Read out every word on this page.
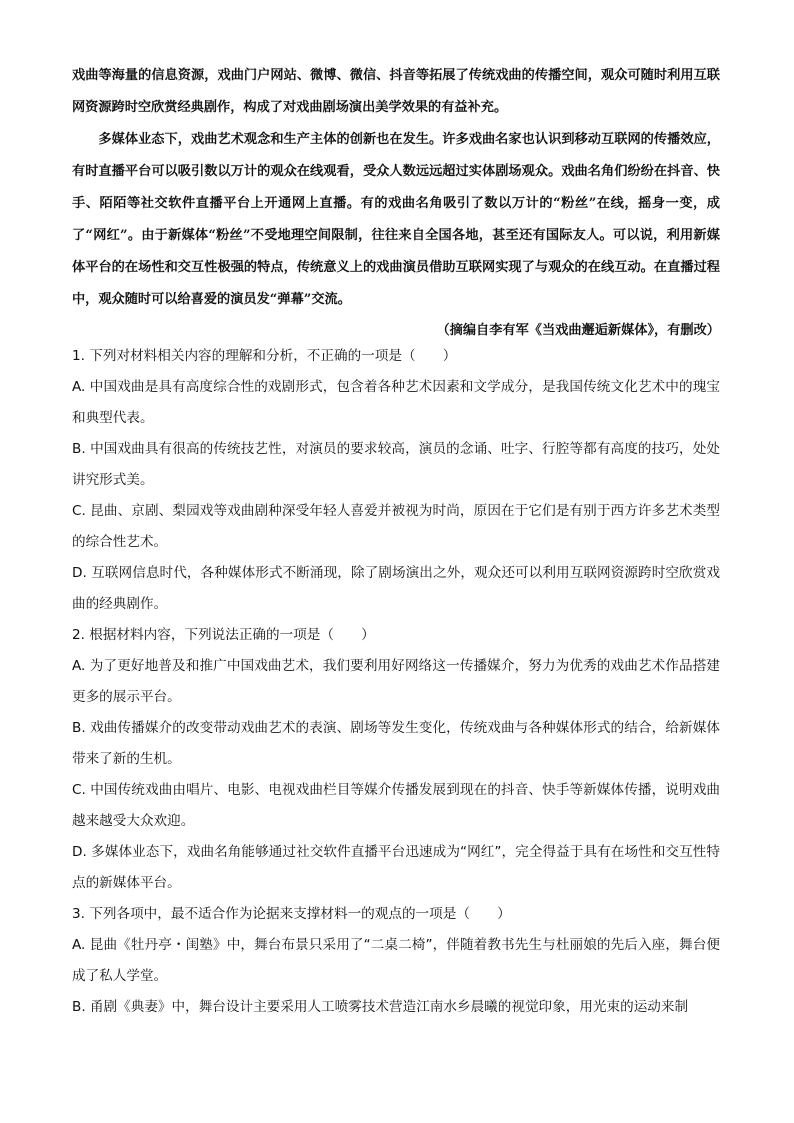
戏曲等海量的信息资源，戏曲门户网站、微博、微信、抖音等拓展了传统戏曲的传播空间，观众可随时利用互联网资源跨时空欣赏经典剧作，构成了对戏曲剧场演出美学效果的有益补充。

多媒体业态下，戏曲艺术观念和生产主体的创新也在发生。许多戏曲名家也认识到移动互联网的传播效应，有时直播平台可以吸引数以万计的观众在线观看，受众人数远远超过实体剧场观众。戏曲名角们纷纷在抖音、快手、陌陌等社交软件直播平台上开通网上直播。有的戏曲名角吸引了数以万计的“粉丝”在线，摇身一变，成了“网红”。由于新媒体“粉丝”不受地理空间限制，往往来自全国各地，甚至还有国际友人。可以说，利用新媒体平台的在场性和交互性极强的特点，传统意义上的戏曲演员借助互联网实现了与观众的在线互动。在直播过程中，观众随时可以给喜爱的演员发“弹幕”交流。

（摘编自李有军《当戏曲邂逅新媒体》，有删改）

1. 下列对材料相关内容的理解和分析，不正确的一项是（　　）

A. 中国戏曲是具有高度综合性的戏剧形式，包含着各种艺术因素和文学成分，是我国传统文化艺术中的瑰宝和典型代表。

B. 中国戏曲具有很高的传统技艺性，对演员的要求较高，演员的念诵、吐字、行腔等都有高度的技巧，处处讲究形式美。

C. 昆曲、京剧、梨园戏等戏曲剧种深受年轻人喜爱并被视为时尚，原因在于它们是有别于西方许多艺术类型的综合性艺术。

D. 互联网信息时代，各种媒体形式不断涌现，除了剧场演出之外，观众还可以利用互联网资源跨时空欣赏戏曲的经典剧作。

2. 根据材料内容，下列说法正确的一项是（　　）

A. 为了更好地普及和推广中国戏曲艺术，我们要利用好网络这一传播媒介，努力为优秀的戏曲艺术作品搭建更多的展示平台。

B. 戏曲传播媒介的改变带动戏曲艺术的表演、剧场等发生变化，传统戏曲与各种媒体形式的结合，给新媒体带来了新的生机。

C. 中国传统戏曲由唱片、电影、电视戏曲栏目等媒介传播发展到现在的抖音、快手等新媒体传播，说明戏曲越来越受大众欢迎。

D. 多媒体业态下，戏曲名角能够通过社交软件直播平台迅速成为“网红”，完全得益于具有在场性和交互性特点的新媒体平台。

3. 下列各项中，最不适合作为论据来支撑材料一的观点的一项是（　　）

A. 昆曲《牡丹亭・闺塾》中，舞台布景只采用了“二桌二椅”，伴随着教书先生与杜丽娘的先后入座，舞台便成了私人学堂。

B. 甬剧《典妻》中，舞台设计主要采用人工喷雾技术营造江南水乡晨曦的视觉印象，用光束的运动来制
